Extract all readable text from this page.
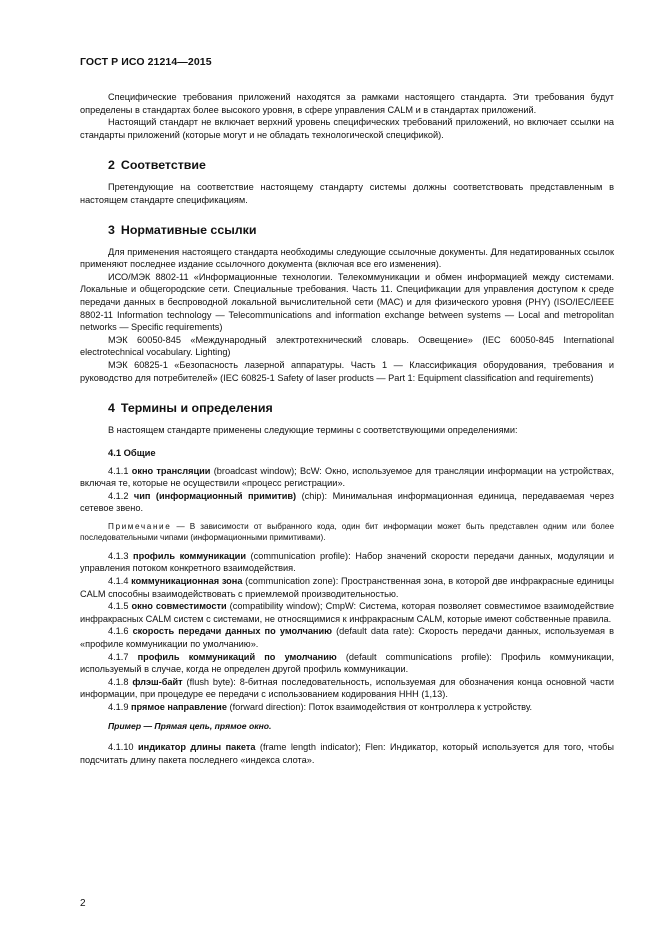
ГОСТ Р ИСО 21214—2015

Специфические требования приложений находятся за рамками настоящего стандарта. Эти требования будут определены в стандартах более высокого уровня, в сфере управления CALM и в стандартах приложений.

Настоящий стандарт не включает верхний уровень специфических требований приложений, но включает ссылки на стандарты приложений (которые могут и не обладать технологической спецификой).

2 Соответствие

Претендующие на соответствие настоящему стандарту системы должны соответствовать представленным в настоящем стандарте спецификациям.

3 Нормативные ссылки

Для применения настоящего стандарта необходимы следующие ссылочные документы. Для недатированных ссылок применяют последнее издание ссылочного документа (включая все его изменения).

ИСО/МЭК 8802-11 «Информационные технологии. Телекоммуникации и обмен информацией между системами. Локальные и общегородские сети. Специальные требования. Часть 11. Спецификации для управления доступом к среде передачи данных в беспроводной локальной вычислительной сети (MAC) и для физического уровня (PHY) (ISO/IEC/IEEE 8802-11 Information technology — Telecommunications and information exchange between systems — Local and metropolitan networks — Specific requirements)

МЭК 60050-845 «Международный электротехнический словарь. Освещение» (IEC 60050-845 International electrotechnical vocabulary. Lighting)

МЭК 60825-1 «Безопасность лазерной аппаратуры. Часть 1 — Классификация оборудования, требования и руководство для потребителей» (IEC 60825-1 Safety of laser products — Part 1: Equipment classification and requirements)

4 Термины и определения

В настоящем стандарте применены следующие термины с соответствующими определениями:

4.1 Общие

4.1.1 окно трансляции (broadcast window); BcW: Окно, используемое для трансляции информации на устройствах, включая те, которые не осуществили «процесс регистрации».

4.1.2 чип (информационный примитив) (chip): Минимальная информационная единица, передаваемая через сетевое звено.

Примечание — В зависимости от выбранного кода, один бит информации может быть представлен одним или более последовательными чипами (информационными примитивами).

4.1.3 профиль коммуникации (communication profile): Набор значений скорости передачи данных, модуляции и управления потоком конкретного взаимодействия.

4.1.4 коммуникационная зона (communication zone): Пространственная зона, в которой две инфракрасные единицы CALM способны взаимодействовать с приемлемой производительностью.

4.1.5 окно совместимости (compatibility window); CmpW: Система, которая позволяет совместимое взаимодействие инфракрасных CALM систем с системами, не относящимися к инфракрасным CALM, которые имеют собственные правила.

4.1.6 скорость передачи данных по умолчанию (default data rate): Скорость передачи данных, используемая в «профиле коммуникации по умолчанию».

4.1.7 профиль коммуникаций по умолчанию (default communications profile): Профиль коммуникации, используемый в случае, когда не определен другой профиль коммуникации.

4.1.8 флэш-байт (flush byte): 8-битная последовательность, используемая для обозначения конца основной части информации, при процедуре ее передачи с использованием кодирования HHH (1,13).

4.1.9 прямое направление (forward direction): Поток взаимодействия от контроллера к устройству.

Пример — Прямая цепь, прямое окно.

4.1.10 индикатор длины пакета (frame length indicator); Flen: Индикатор, который используется для того, чтобы подсчитать длину пакета последнего «индекса слота».

2
